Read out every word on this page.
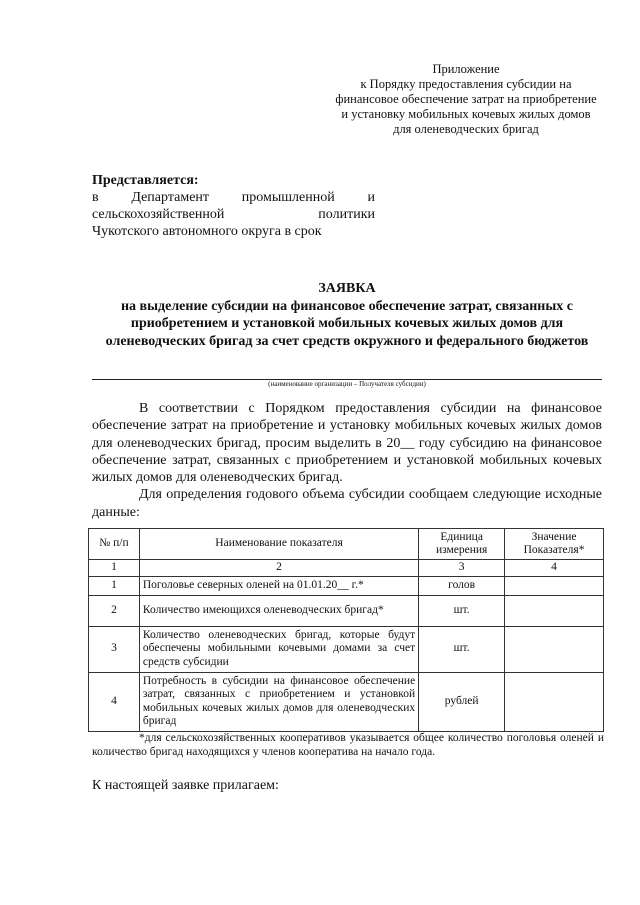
Приложение
к Порядку предоставления субсидии на
финансовое обеспечение затрат на приобретение
и установку мобильных кочевых жилых домов
для оленеводческих бригад
Представляется:
в Департамент промышленной и
сельскохозяйственной политики
Чукотского автономного округа в срок
ЗАЯВКА
на выделение субсидии на финансовое обеспечение затрат, связанных с приобретением и установкой мобильных кочевых жилых домов для оленеводческих бригад за счет средств окружного и федерального бюджетов
(наименование организации – Получателя субсидии)

В соответствии с Порядком предоставления субсидии на финансовое обеспечение затрат на приобретение и установку мобильных кочевых жилых домов для оленеводческих бригад, просим выделить в 20__ году субсидию на финансовое обеспечение затрат, связанных с приобретением и установкой мобильных кочевых жилых домов для оленеводческих бригад.

Для определения годового объема субсидии сообщаем следующие исходные данные:

№ п/п	Наименование показателя	Единица измерения	Значение Показателя*
1	2	3	4
1	Поголовье северных оленей на 01.01.20__ г.*	голов	
2	Количество имеющихся оленеводческих бригад*	шт.	
3	Количество оленеводческих бригад, которые будут обеспечены мобильными кочевыми домами за счет средств субсидии	шт.	
4	Потребность в субсидии на финансовое обеспечение затрат, связанных с приобретением и установкой мобильных кочевых жилых домов для оленеводческих бригад	рублей	
*для сельскохозяйственных кооперативов указывается общее количество поголовья оленей и количество бригад находящихся у членов кооператива на начало года.
К настоящей заявке прилагаем:
